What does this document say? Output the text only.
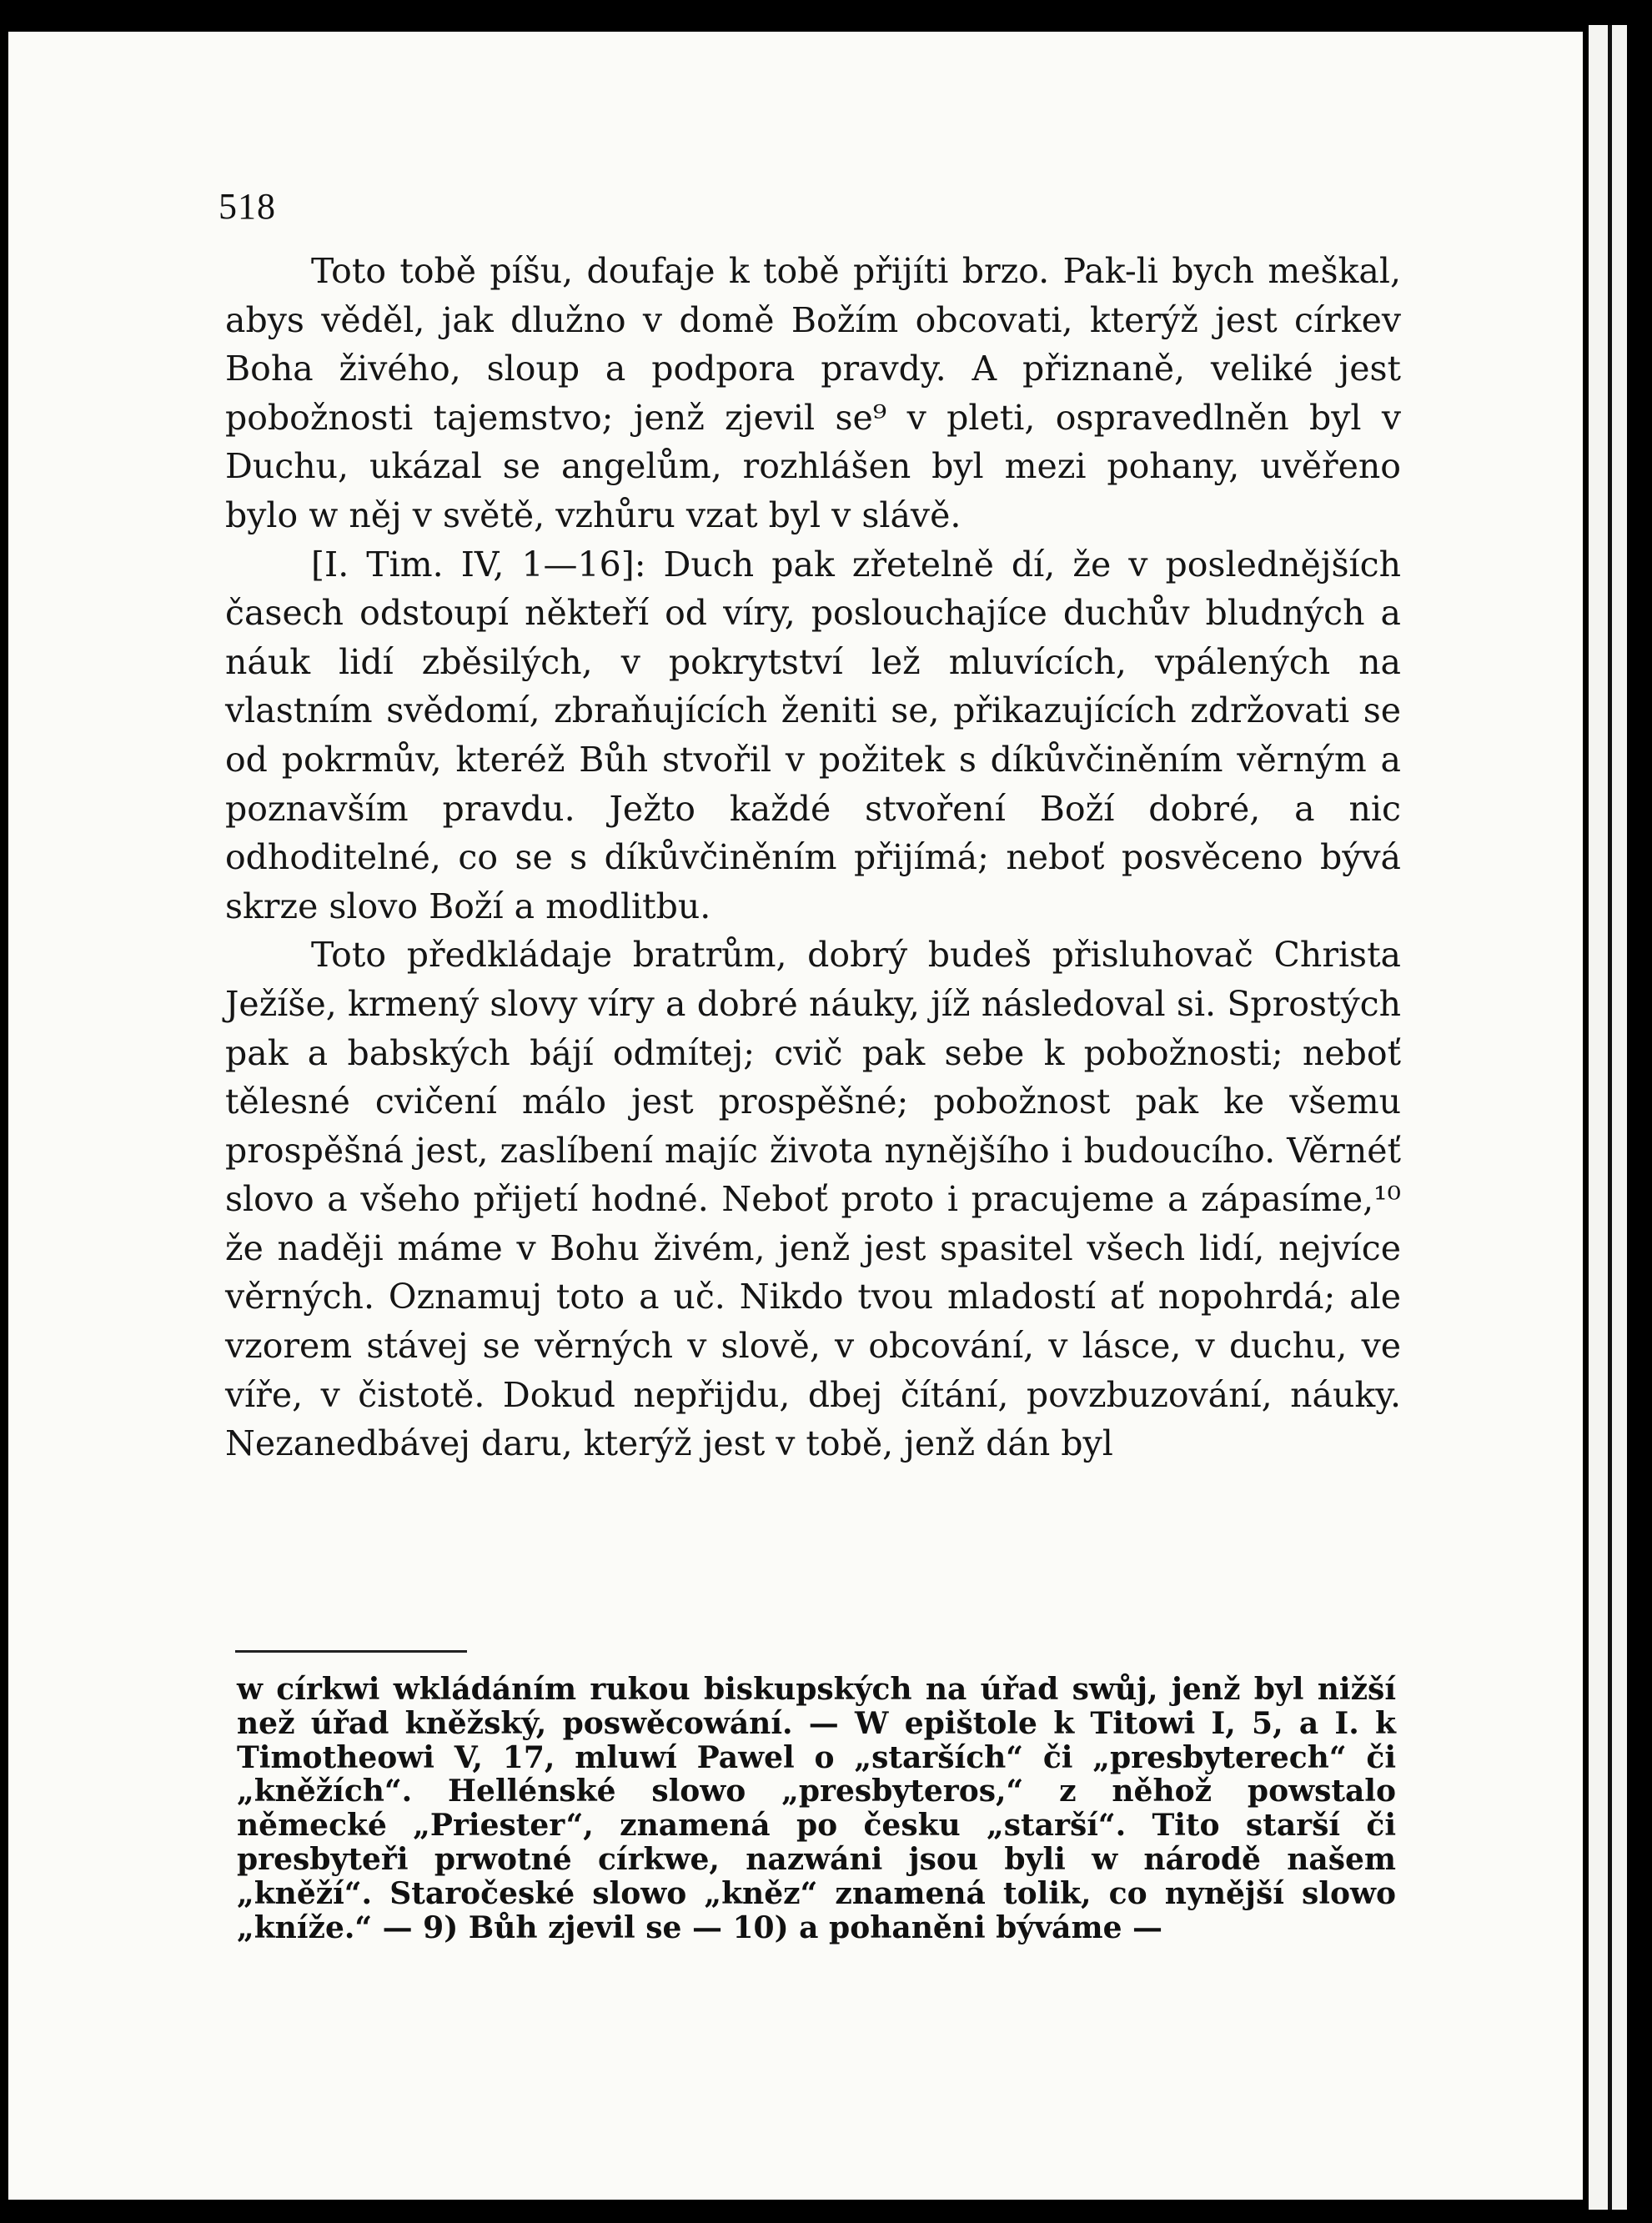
518

Toto tobě píšu, doufaje k tobě přijíti brzo. Pak-li bych meškal, abys věděl, jak dlužno v domě Božím obcovati, kterýž jest církev Boha živého, sloup a podpora pravdy. A přiznaně, veliké jest pobožnosti tajemstvo; jenž zjevil se⁹ v pleti, ospravedlněn byl v Duchu, ukázal se angelům, rozhlášen byl mezi pohany, uvěřeno bylo w něj v světě, vzhůru vzat byl v slávě.

[I. Tim. IV, 1—16]: Duch pak zřetelně dí, že v poslednějších časech odstoupí někteří od víry, poslouchajíce duchův bludných a náuk lidí zběsilých, v pokrytství lež mluvících, vpálených na vlastním svědomí, zbraňujících ženiti se, přikazujících zdržovati se od pokrmův, kteréž Bůh stvořil v požitek s díkůvčiněním věrným a poznavším pravdu. Ježto každé stvoření Boží dobré, a nic odhoditelné, co se s díkůvčiněním přijímá; neboť posvěceno bývá skrze slovo Boží a modlitbu.

Toto předkládaje bratrům, dobrý budeš přisluhovač Christa Ježíše, krmený slovy víry a dobré náuky, jíž následoval si. Sprostých pak a babských bájí odmítej; cvič pak sebe k pobožnosti; neboť tělesné cvičení málo jest prospěšné; pobožnost pak ke všemu prospěšná jest, zaslíbení majíc života nynějšího i budoucího. Věrnéť slovo a všeho přijetí hodné. Neboť proto i pracujeme a zápasíme,¹⁰ že naději máme v Bohu živém, jenž jest spasitel všech lidí, nejvíce věrných. Oznamuj toto a uč. Nikdo tvou mladostí ať nopohrdá; ale vzorem stávej se věrných v slově, v obcování, v lásce, v duchu, ve víře, v čistotě. Dokud nepřijdu, dbej čítání, povzbuzování, náuky. Nezanedbávej daru, kterýž jest v tobě, jenž dán byl

w církwi wkládáním rukou biskupských na úřad swůj, jenž byl nižší než úřad kněžský, poswěcowání. — W epištole k Titowi I, 5, a I. k Timotheowi V, 17, mluwí Pawel o „starších“ či „presbyterech“ či „kněžích“. Hellénské slowo „presbyteros,“ z něhož powstalo německé „Priester“, znamená po česku „starší“. Tito starší či presbyteři prwotné církwe, nazwáni jsou byli w národě našem „kněží“. Staročeské slowo „kněz“ znamená tolik, co nynější slowo „kníže.“ — 9) Bůh zjevil se — 10) a pohaněni býváme —
